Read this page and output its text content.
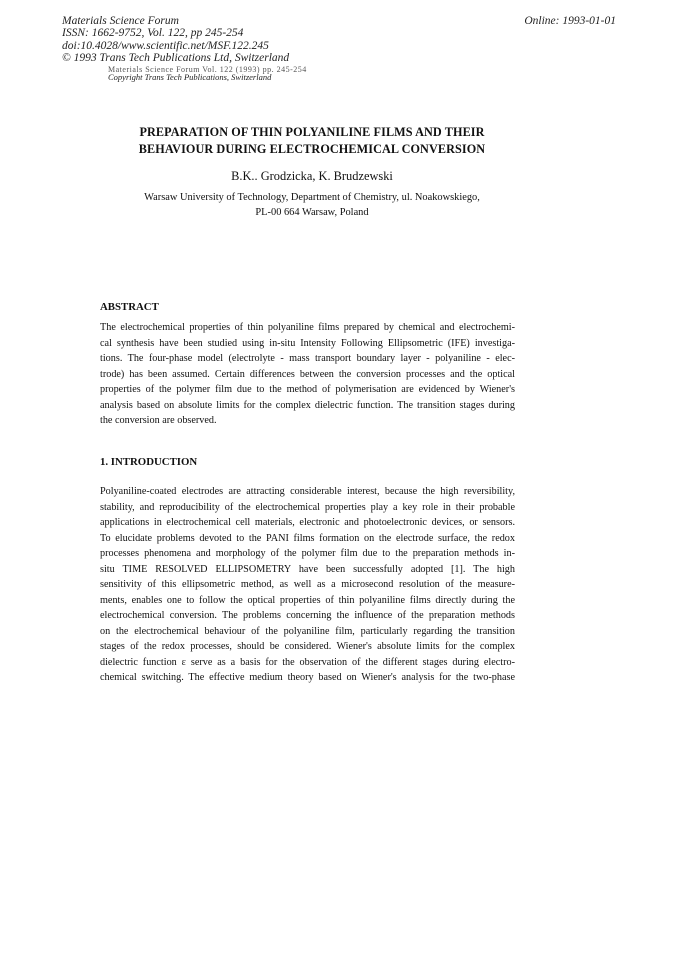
Materials Science Forum
ISSN: 1662-9752, Vol. 122, pp 245-254
doi:10.4028/www.scientific.net/MSF.122.245
© 1993 Trans Tech Publications Ltd, Switzerland
Online: 1993-01-01
Materials Science Forum Vol. 122 (1993) pp. 245-254
Copyright Trans Tech Publications, Switzerland
PREPARATION OF THIN POLYANILINE FILMS AND THEIR
BEHAVIOUR DURING ELECTROCHEMICAL CONVERSION
B.K.. Grodzicka, K. Brudzewski
Warsaw University of Technology, Department of Chemistry, ul. Noakowskiego,
PL-00 664 Warsaw, Poland
ABSTRACT
The electrochemical properties of thin polyaniline films prepared by chemical and electrochemi-
cal synthesis have been studied using in-situ Intensity Following Ellipsometric (IFE) investiga-
tions. The four-phase model (electrolyte - mass transport boundary layer - polyaniline - elec-
trode) has been assumed. Certain differences between the conversion processes and the optical
properties of the polymer film due to the method of polymerisation are evidenced by Wiener's
analysis based on absolute limits for the complex dielectric function. The transition stages during
the conversion are observed.
1. INTRODUCTION
Polyaniline-coated electrodes are attracting considerable interest, because the high reversibility,
stability, and reproducibility of the electrochemical properties play a key role in their probable
applications in electrochemical cell materials, electronic and photoelectronic devices, or sensors.
To elucidate problems devoted to the PANI films formation on the electrode surface, the redox
processes phenomena and morphology of the polymer film due to the preparation methods in-
situ TIME RESOLVED ELLIPSOMETRY have been successfully adopted [1]. The high
sensitivity of this ellipsometric method, as well as a microsecond resolution of the measure-
ments, enables one to follow the optical properties of thin polyaniline films directly during the
electrochemical conversion. The problems concerning the influence of the preparation methods
on the electrochemical behaviour of the polyaniline film, particularly regarding the transition
stages of the redox processes, should be considered. Wiener's absolute limits for the complex
dielectric function ε serve as a basis for the observation of the different stages during electro-
chemical switching. The effective medium theory based on Wiener's analysis for the two-phase
